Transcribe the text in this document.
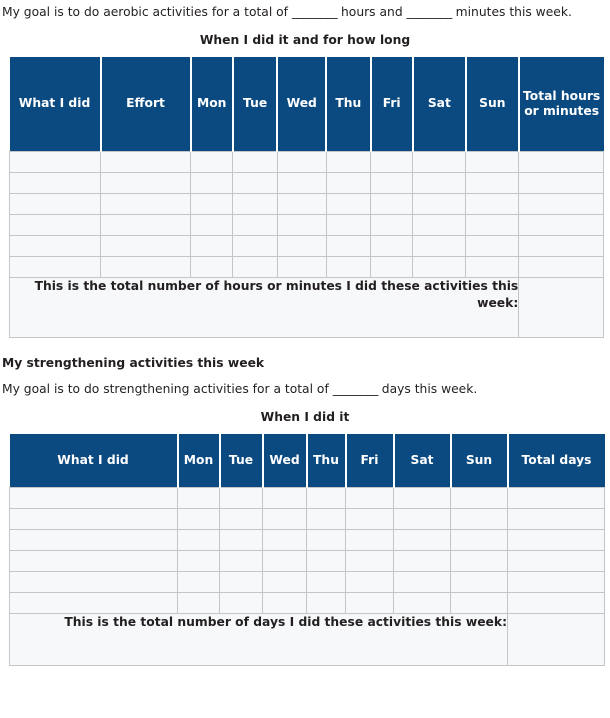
My goal is to do aerobic activities for a total of ________ hours and ________ minutes this week.
When I did it and for how long
What I did	Effort	Mon	Tue	Wed	Thu	Fri	Sat	Sun	Total hours or minutes

This is the total number of hours or minutes I did these activities this week:									
My strengthening activities this week
My goal is to do strengthening activities for a total of ________ days this week.
When I did it
What I did	Mon	Tue	Wed	Thu	Fri	Sat	Sun	Total days

This is the total number of days I did these activities this week:								
